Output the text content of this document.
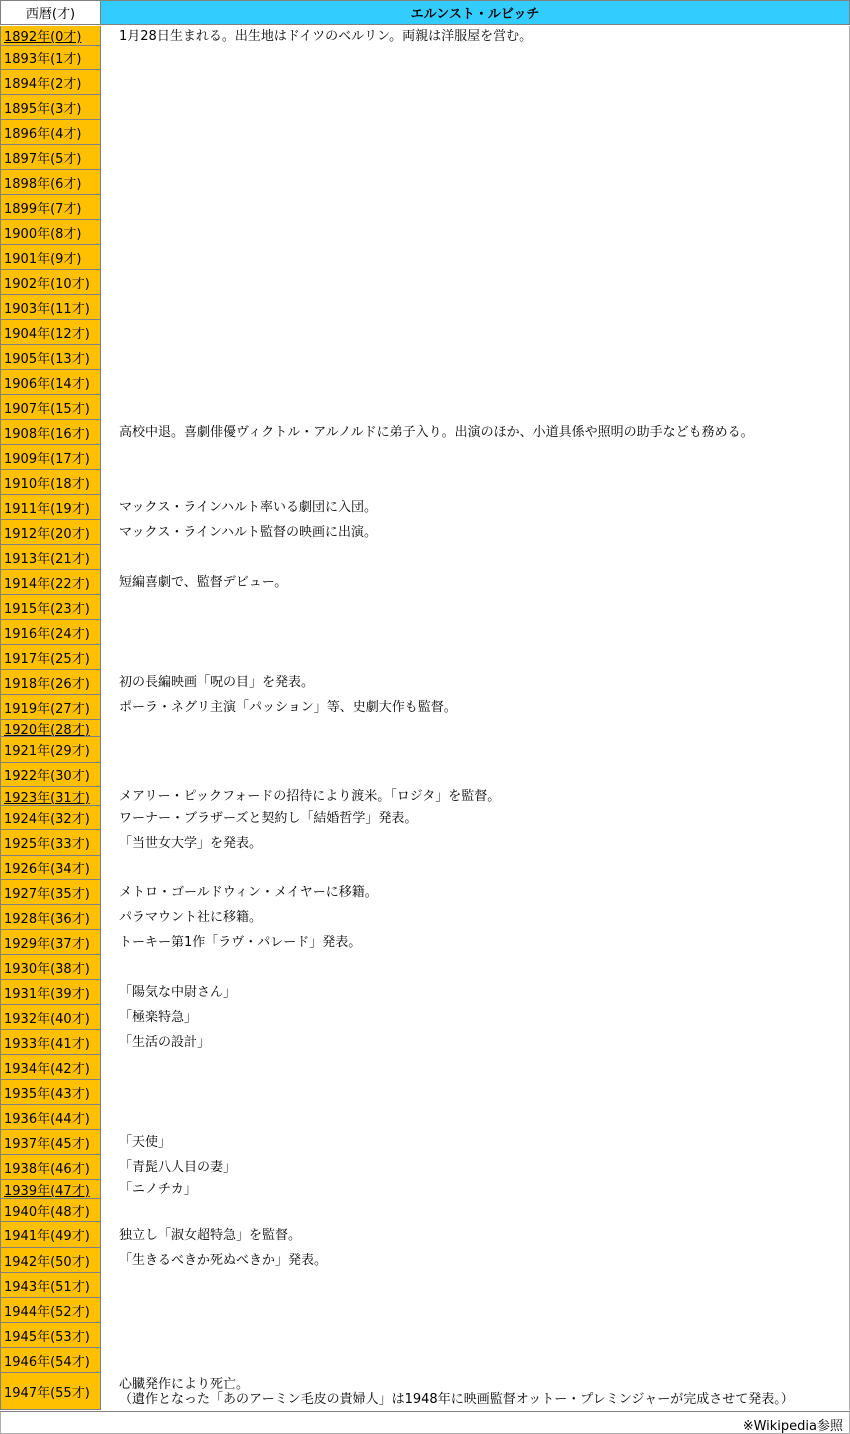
西暦(才)	エルンスト・ルビッチ
1892年(0才)	1月28日生まれる。出生地はドイツのベルリン。両親は洋服屋を営む。
1893年(1才)
1894年(2才)
1895年(3才)
1896年(4才)
1897年(5才)
1898年(6才)
1899年(7才)
1900年(8才)
1901年(9才)
1902年(10才)
1903年(11才)
1904年(12才)
1905年(13才)
1906年(14才)
1907年(15才)
1908年(16才) 高校中退。喜劇俳優ヴィクトル・アルノルドに弟子入り。出演のほか、小道具係や照明の助手なども務める。
1909年(17才)
1910年(18才)
1911年(19才) マックス・ラインハルト率いる劇団に入団。
1912年(20才) マックス・ラインハルト監督の映画に出演。
1913年(21才)
1914年(22才) 短編喜劇で、監督デビュー。
1915年(23才)
1916年(24才)
1917年(25才)
1918年(26才) 初の長編映画「呪の目」を発表。
1919年(27才) ポーラ・ネグリ主演「パッション」等、史劇大作も監督。
1920年(28才)
1921年(29才)
1922年(30才)
1923年(31才) メアリー・ピックフォードの招待により渡米。「ロジタ」を監督。
1924年(32才) ワーナー・ブラザーズと契約し「結婚哲学」発表。
1925年(33才) 「当世女大学」を発表。
1926年(34才)
1927年(35才) メトロ・ゴールドウィン・メイヤーに移籍。
1928年(36才) パラマウント社に移籍。
1929年(37才) トーキー第1作「ラヴ・パレード」発表。
1930年(38才)
1931年(39才) 「陽気な中尉さん」
1932年(40才) 「極楽特急」
1933年(41才) 「生活の設計」
1934年(42才)
1935年(43才)
1936年(44才)
1937年(45才) 「天使」
1938年(46才) 「青髭八人目の妻」
1939年(47才) 「ニノチカ」
1940年(48才)
1941年(49才) 独立し「淑女超特急」を監督。
1942年(50才) 「生きるべきか死ぬべきか」発表。
1943年(51才)
1944年(52才)
1945年(53才)
1946年(54才)
1947年(55才)
心臓発作により死亡。
（遺作となった「あのアーミン毛皮の貴婦人」は1948年に映画監督オットー・プレミンジャーが完成させて発表。）
※Wikipedia参照
